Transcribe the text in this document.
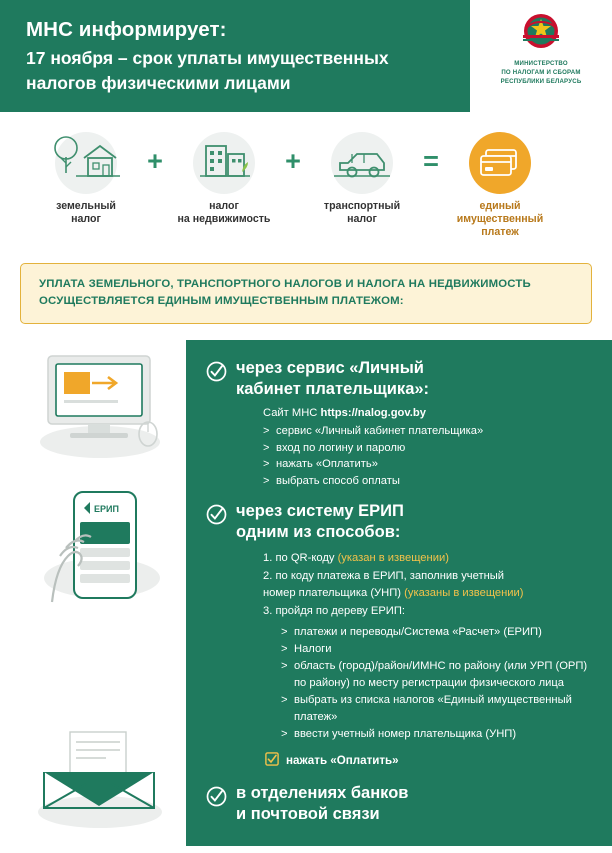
МНС информирует:
17 ноября – срок уплаты имущественных
налогов физическими лицами
МИНИСТЕРСТВО
ПО НАЛОГАМ И СБОРАМ
РЕСПУБЛИКИ БЕЛАРУСЬ
земельный
налог
+
налог
на недвижимость
+
транспортный
налог
=
единый
имущественный
платеж
УПЛАТА ЗЕМЕЛЬНОГО, ТРАНСПОРТНОГО НАЛОГОВ И НАЛОГА НА НЕДВИЖИМОСТЬ
ОСУЩЕСТВЛЯЕТСЯ ЕДИНЫМ ИМУЩЕСТВЕННЫМ ПЛАТЕЖОМ:
ЕРИП
через сервис «Личный
кабинет плательщика»:
Сайт МНС https://nalog.gov.by
> сервис «Личный кабинет плательщика»
> вход по логину и паролю
> нажать «Оплатить»
> выбрать способ оплаты
через систему ЕРИП
одним из способов:
1. по QR-коду (указан в извещении)
2. по коду платежа в ЕРИП, заполнив учетный
номер плательщика (УНП) (указаны в извещении)
3. пройдя по дереву ЕРИП:
> платежи и переводы/Система «Расчет» (ЕРИП)
> Налоги
> область (город)/район/ИМНС по району (или УРП (ОРП) по району) по месту регистрации физического лица
> выбрать из списка налогов «Единый имущественный платеж»
> ввести учетный номер плательщика (УНП)
нажать «Оплатить»
в отделениях банков
и почтовой связи
